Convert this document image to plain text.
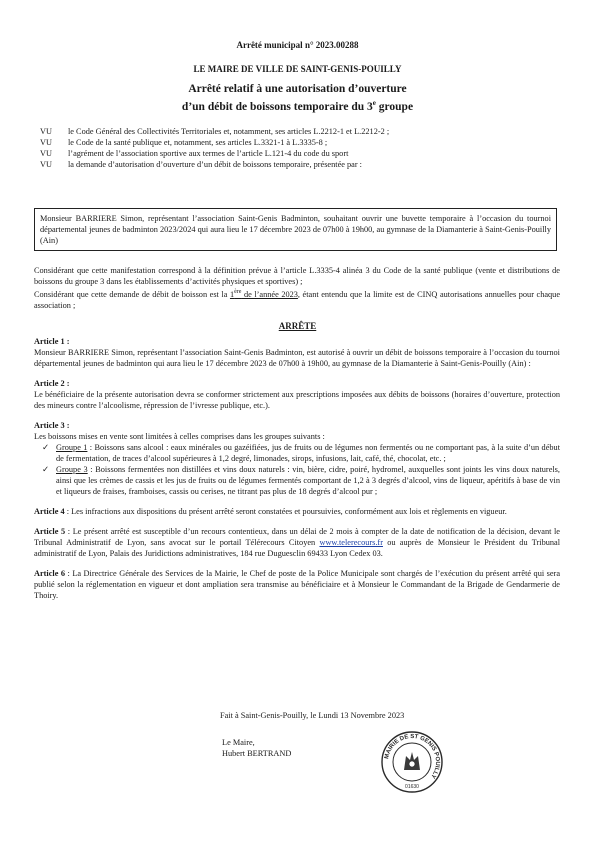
Arrêté municipal n° 2023.00288
LE MAIRE DE VILLE DE SAINT-GENIS-POUILLY
Arrêté relatif à une autorisation d’ouverture
d’un débit de boissons temporaire du 3e groupe
VU	le Code Général des Collectivités Territoriales et, notamment, ses articles L.2212-1 et L.2212-2 ;
VU	le Code de la santé publique et, notamment, ses articles L.3321-1 à L.3335-8 ;
VU	l’agrément de l’association sportive aux termes de l’article L.121-4 du code du sport
VU	la demande d’autorisation d’ouverture d’un débit de boissons temporaire, présentée par :
Monsieur BARRIERE Simon, représentant l’association Saint-Genis Badminton, souhaitant ouvrir une buvette temporaire à l’occasion du tournoi départemental jeunes de badminton 2023/2024 qui aura lieu le 17 décembre 2023 de 07h00 à 19h00, au gymnase de la Diamanterie à Saint-Genis-Pouilly (Ain)

Considérant que cette manifestation correspond à la définition prévue à l’article L.3335-4 alinéa 3 du Code de la santé publique (vente et distributions de boissons du groupe 3 dans les établissements d’activités physiques et sportives) ;

Considérant que cette demande de débit de boisson est la 1ère de l’année 2023, étant entendu que la limite est de CINQ autorisations annuelles pour chaque association ;

ARRÊTE

Article 1 :

Monsieur BARRIERE Simon, représentant l’association Saint-Genis Badminton, est autorisé à ouvrir un débit de boissons temporaire à l’occasion du tournoi départemental jeunes de badminton qui aura lieu le 17 décembre 2023 de 07h00 à 19h00, au gymnase de la Diamanterie à Saint-Genis-Pouilly (Ain) :

Article 2 :

Le bénéficiaire de la présente autorisation devra se conformer strictement aux prescriptions imposées aux débits de boissons (horaires d’ouverture, protection des mineurs contre l’alcoolisme, répression de l’ivresse publique, etc.).

Article 3 :

Les boissons mises en vente sont limitées à celles comprises dans les groupes suivants :

✓ Groupe 1 : Boissons sans alcool : eaux minérales ou gazéifiées, jus de fruits ou de légumes non fermentés ou ne comportant pas, à la suite d’un début de fermentation, de traces d’alcool supérieures à 1,2 degré, limonades, sirops, infusions, lait, café, thé, chocolat, etc. ;
✓ Groupe 3 : Boissons fermentées non distillées et vins doux naturels : vin, bière, cidre, poiré, hydromel, auxquelles sont joints les vins doux naturels, ainsi que les crèmes de cassis et les jus de fruits ou de légumes fermentés comportant de 1,2 à 3 degrés d’alcool, vins de liqueur, apéritifs à base de vin et liqueurs de fraises, framboises, cassis ou cerises, ne titrant pas plus de 18 degrés d’alcool pur ;

Article 4 : Les infractions aux dispositions du présent arrêté seront constatées et poursuivies, conformément aux lois et règlements en vigueur.

Article 5 : Le présent arrêté est susceptible d’un recours contentieux, dans un délai de 2 mois à compter de la date de notification de la décision, devant le Tribunal Administratif de Lyon, sans avocat sur le portail Télérecours Citoyen www.telerecours.fr ou auprès de Monsieur le Président du Tribunal administratif de Lyon, Palais des Juridictions administratives, 184 rue Duguesclin 69433 Lyon Cedex 03.

Article 6 : La Directrice Générale des Services de la Mairie, le Chef de poste de la Police Municipale sont chargés de l’exécution du présent arrêté qui sera publié selon la réglementation en vigueur et dont ampliation sera transmise au bénéficiaire et à Monsieur le Commandant de la Brigade de Gendarmerie de Thoiry.

Fait à Saint-Genis-Pouilly, le Lundi 13 Novembre 2023
Le Maire,
Hubert BERTRAND	MAIRIE DE ST GENIS POUILLY
01630
